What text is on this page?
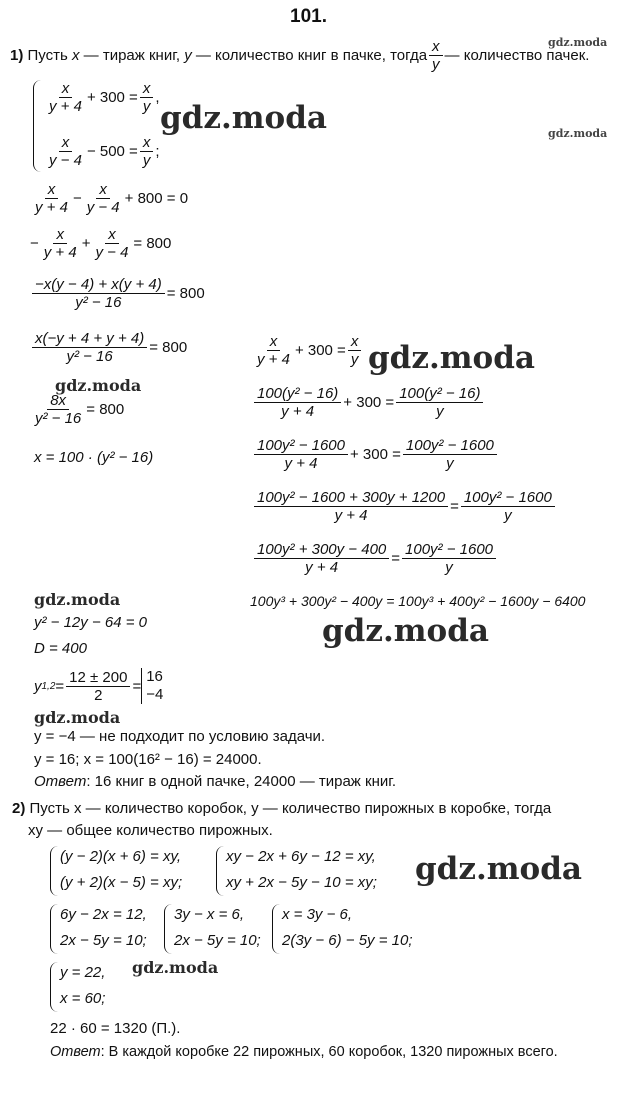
101.
gdz.moda
gdz.moda
1)
Пусть
x
— тираж книг,
y
— количество книг в пачке, тогда $\frac{x}{y}$ — количество пачек.
$\frac{x}{y + 4} + 300 = \frac{x}{y}$ ,
gdz.moda
$\frac{x}{y - 4} - 500 = \frac{x}{y}$ ;
$\frac{x}{y + 4} - \frac{x}{y - 4} + 800 = 0$
− $\frac{x}{y + 4} + \frac{x}{y - 4} = 800$
$\frac{-x(y - 4) + x(y + 4)}{\text{y² − 16}} = 800$
$\frac{x(-y + 4 + y + 4)}{\text{y² − 16}} = 800$
gdz.moda
$\frac{8x}{\text{y² − 16}} = 800$
x = 100 · (y² − 16)
$\frac{x}{y + 4} + 300 = \frac{x}{y}$ gdz.moda
$\frac{\text{100(y² − 16)}}{y + 4} + 300 = \frac{\text{100(y² − 16)}}{y}$
$\frac{\text{100y² − 1600}}{y + 4} + 300 = \frac{\text{100y² − 1600}}{y}$
$\frac{\text{100y² − 1600 + 300y + 1200}}{y + 4} = \frac{\text{100y² − 1600}}{y}$
$\frac{\text{100y² + 300y − 400}}{y + 4} = \frac{\text{100y² − 1600}}{y}$
100y³ + 300y² − 400y = 100y³ + 400y² − 1600y − 6400
gdz.moda
gdz.moda
y² − 12y − 64 = 0
D = 400
y $1,2 = \frac{12 \pm 200}{2}$ =
16
−4
gdz.moda
y = −4 — не подходит по условию задачи.
y = 16; x = 100(16² − 16) = 24000.
Ответ: 16 книг в одной пачке, 24000 — тираж книг.
2) Пусть x — количество коробок, y — количество пирожных в коробке, тогда
xy — общее количество пирожных.
(y − 2)(x + 6) = xy,
(y + 2)(x − 5) = xy;
xy − 2x + 6y − 12 = xy,
xy + 2x − 5y − 10 = xy; gdz.moda
6y − 2x = 12,
2x − 5y = 10;
3y − x = 6,
2x − 5y = 10;
x = 3y − 6,
2(3y − 6) − 5y = 10;
y = 22,
x = 60;
gdz.moda
22 · 60 = 1320 (П.).
Ответ: В каждой коробке 22 пирожных, 60 коробок, 1320 пирожных всего.
